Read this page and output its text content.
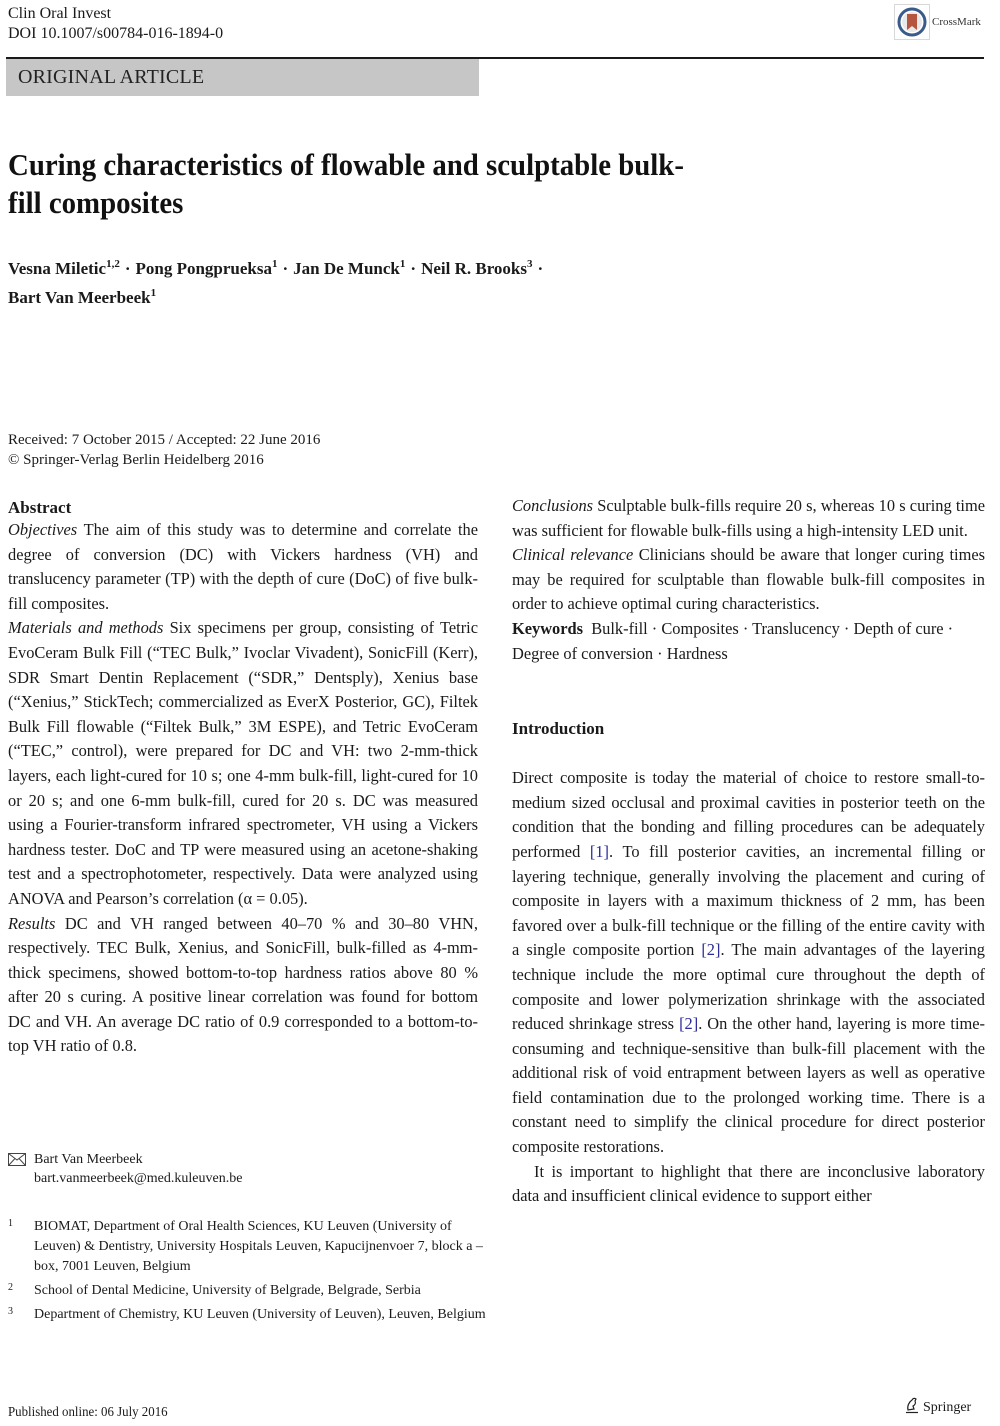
Clin Oral Invest
DOI 10.1007/s00784-016-1894-0
CrossMark
ORIGINAL ARTICLE
Curing characteristics of flowable and sculptable bulk-fill composites
Vesna Miletic$^{1,2}$ · Pong Pongprueksa$^1$ · Jan De Munck$^1$ · Neil R. Brooks$^3$ ·
Bart Van Meerbeek$^1$
Received: 7 October 2015 / Accepted: 22 June 2016
© Springer-Verlag Berlin Heidelberg 2016
Abstract

Objectives The aim of this study was to determine and correlate the degree of conversion (DC) with Vickers hardness (VH) and translucency parameter (TP) with the depth of cure (DoC) of five bulk-fill composites.

Materials and methods Six specimens per group, consisting of Tetric EvoCeram Bulk Fill (“TEC Bulk,” Ivoclar Vivadent), SonicFill (Kerr), SDR Smart Dentin Replacement (“SDR,” Dentsply), Xenius base (“Xenius,” StickTech; commercialized as EverX Posterior, GC), Filtek Bulk Fill flowable (“Filtek Bulk,” 3M ESPE), and Tetric EvoCeram (“TEC,” control), were prepared for DC and VH: two 2-mm-thick layers, each light-cured for 10 s; one 4-mm bulk-fill, light-cured for 10 or 20 s; and one 6-mm bulk-fill, cured for 20 s. DC was measured using a Fourier-transform infrared spectrometer, VH using a Vickers hardness tester. DoC and TP were measured using an acetone-shaking test and a spectrophotometer, respectively. Data were analyzed using ANOVA and Pearson’s correlation (α = 0.05).

Results DC and VH ranged between 40–70 % and 30–80 VHN, respectively. TEC Bulk, Xenius, and SonicFill, bulk-filled as 4-mm-thick specimens, showed bottom-to-top hardness ratios above 80 % after 20 s curing. A positive linear correlation was found for bottom DC and VH. An average DC ratio of 0.9 corresponded to a bottom-to-top VH ratio of 0.8.

Conclusions Sculptable bulk-fills require 20 s, whereas 10 s curing time was sufficient for flowable bulk-fills using a high-intensity LED unit.

Clinical relevance Clinicians should be aware that longer curing times may be required for sculptable than flowable bulk-fill composites in order to achieve optimal curing characteristics.

Keywords Bulk-fill · Composites · Translucency · Depth of cure · Degree of conversion · Hardness

Introduction

Direct composite is today the material of choice to restore small-to-medium sized occlusal and proximal cavities in posterior teeth on the condition that the bonding and filling procedures can be adequately performed [1]. To fill posterior cavities, an incremental filling or layering technique, generally involving the placement and curing of composite in layers with a maximum thickness of 2 mm, has been favored over a bulk-fill technique or the filling of the entire cavity with a single composite portion [2]. The main advantages of the layering technique include the more optimal cure throughout the depth of composite and lower polymerization shrinkage with the associated reduced shrinkage stress [2]. On the other hand, layering is more time-consuming and technique-sensitive than bulk-fill placement with the additional risk of void entrapment between layers as well as operative field contamination due to the prolonged working time. There is a constant need to simplify the clinical procedure for direct posterior composite restorations.

It is important to highlight that there are inconclusive laboratory data and insufficient clinical evidence to support either

Bart Van Meerbeek
bart.vanmeerbeek@med.kuleuven.be
1	BIOMAT, Department of Oral Health Sciences, KU Leuven (University of Leuven) & Dentistry, University Hospitals Leuven, Kapucijnenvoer 7, block a – box, 7001 Leuven, Belgium
2	School of Dental Medicine, University of Belgrade, Belgrade, Serbia
3	Department of Chemistry, KU Leuven (University of Leuven), Leuven, Belgium
Published online: 06 July 2016	Springer
